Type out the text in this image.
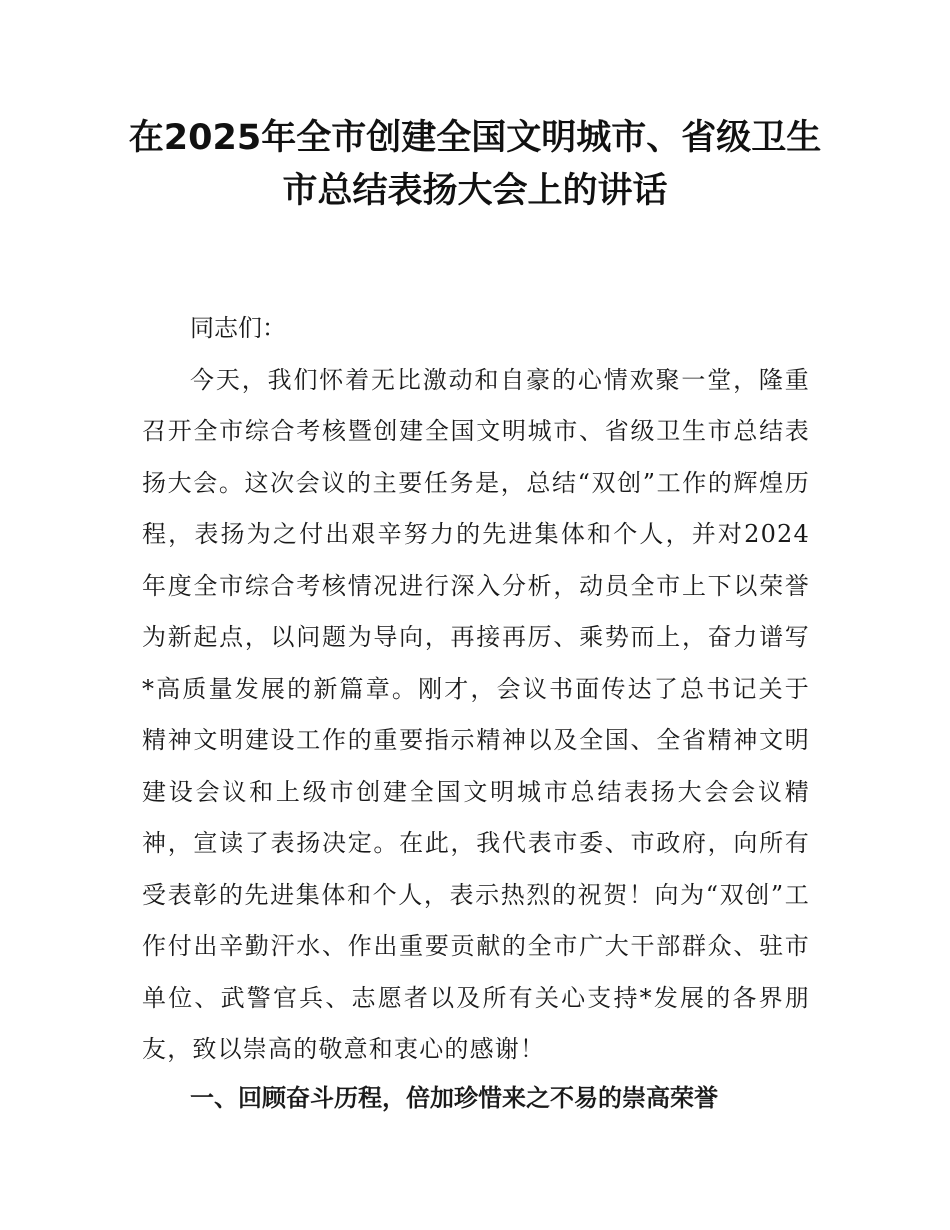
在2025年全市创建全国文明城市、省级卫生
市总结表扬大会上的讲话

同志们：

今天，我们怀着无比激动和自豪的心情欢聚一堂，隆重召开全市综合考核暨创建全国文明城市、省级卫生市总结表扬大会。这次会议的主要任务是，总结“双创”工作的辉煌历程，表扬为之付出艰辛努力的先进集体和个人，并对2024年度全市综合考核情况进行深入分析，动员全市上下以荣誉为新起点，以问题为导向，再接再厉、乘势而上，奋力谱写*高质量发展的新篇章。刚才，会议书面传达了总书记关于精神文明建设工作的重要指示精神以及全国、全省精神文明建设会议和上级市创建全国文明城市总结表扬大会会议精神，宣读了表扬决定。在此，我代表市委、市政府，向所有受表彰的先进集体和个人，表示热烈的祝贺！向为“双创”工作付出辛勤汗水、作出重要贡献的全市广大干部群众、驻市单位、武警官兵、志愿者以及所有关心支持*发展的各界朋友，致以崇高的敬意和衷心的感谢！

一、回顾奋斗历程，倍加珍惜来之不易的崇高荣誉
